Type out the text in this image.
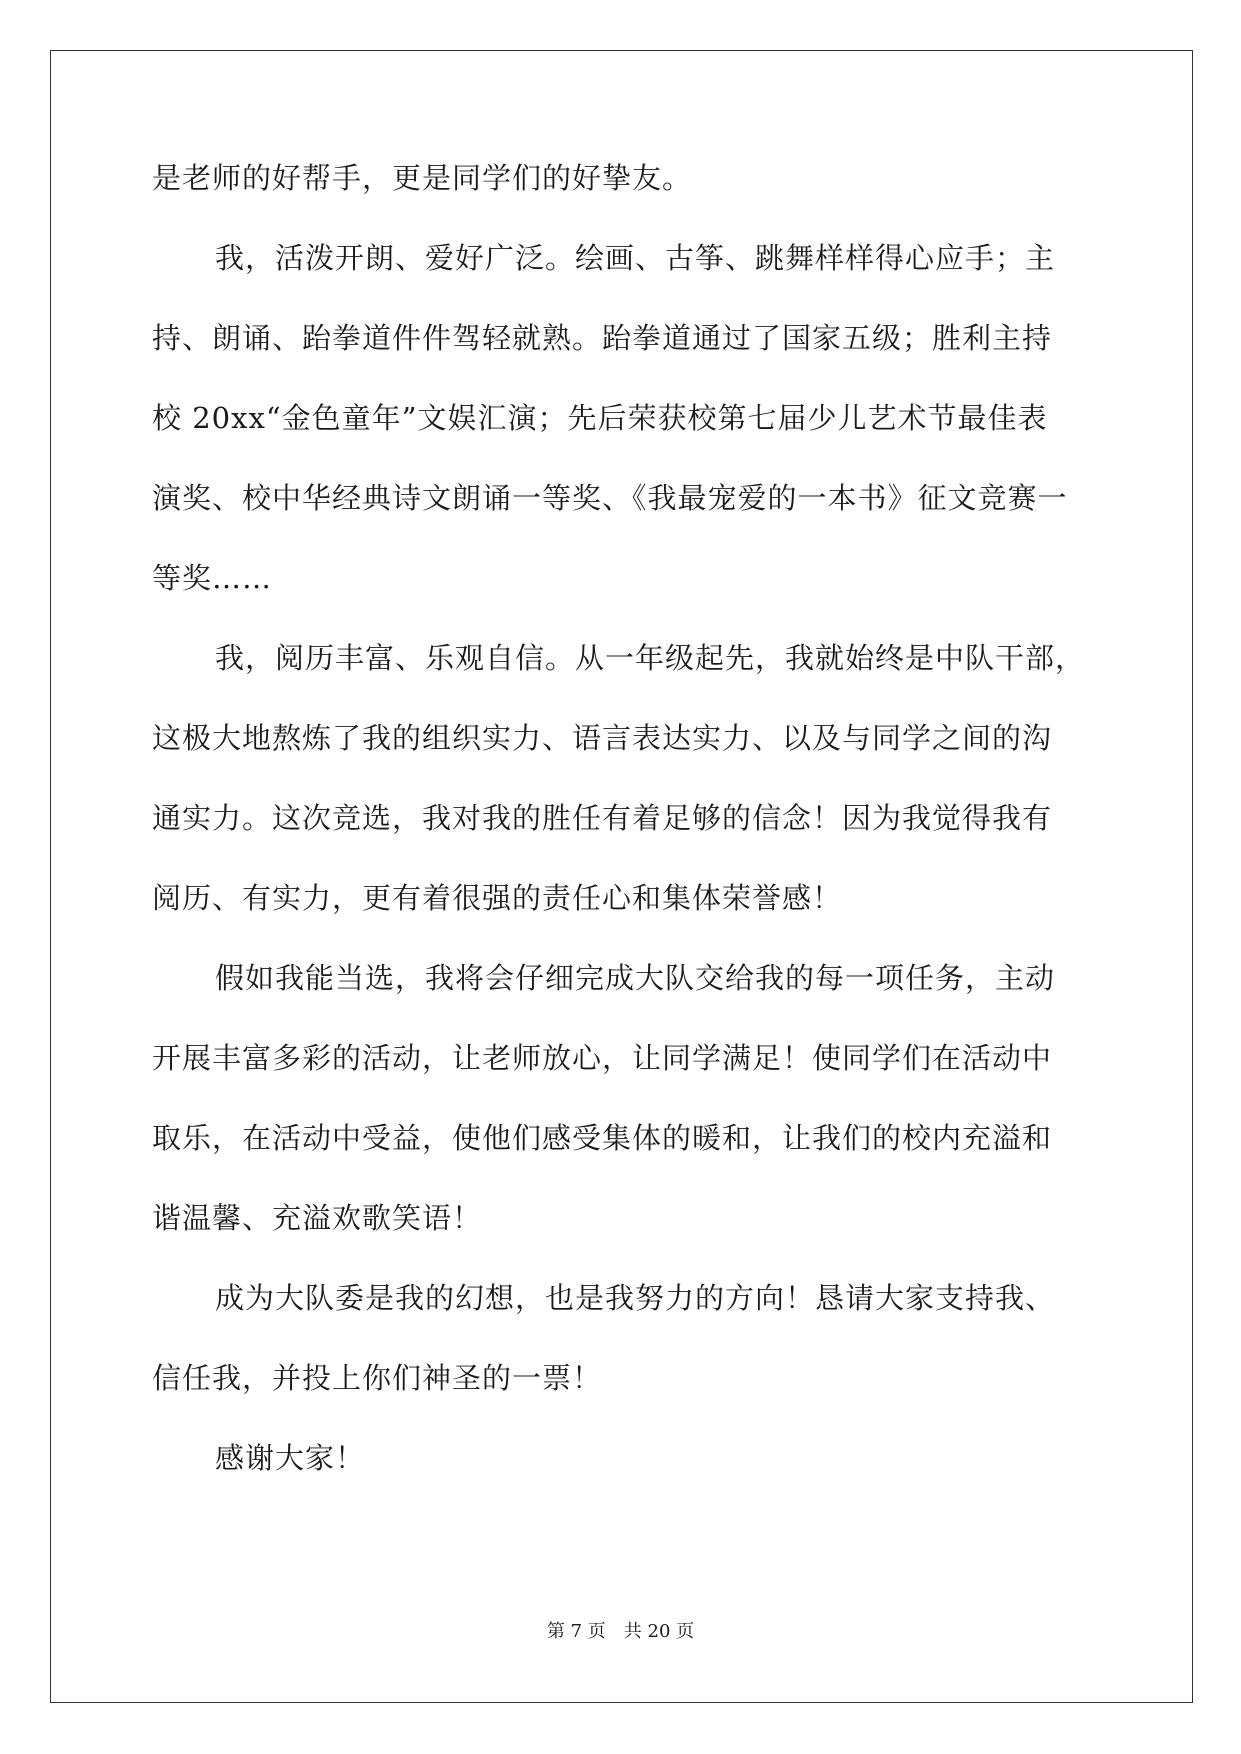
是老师的好帮手，更是同学们的好挚友。
我，活泼开朗、爱好广泛。绘画、古筝、跳舞样样得心应手；主
持、朗诵、跆拳道件件驾轻就熟。跆拳道通过了国家五级；胜利主持
校 20xx“金色童年”文娱汇演；先后荣获校第七届少儿艺术节最佳表
演奖、校中华经典诗文朗诵一等奖、《我最宠爱的一本书》征文竞赛一
等奖……
我，阅历丰富、乐观自信。从一年级起先，我就始终是中队干部，
这极大地熬炼了我的组织实力、语言表达实力、以及与同学之间的沟
通实力。这次竞选，我对我的胜任有着足够的信念！因为我觉得我有
阅历、有实力，更有着很强的责任心和集体荣誉感！
假如我能当选，我将会仔细完成大队交给我的每一项任务，主动
开展丰富多彩的活动，让老师放心，让同学满足！使同学们在活动中
取乐，在活动中受益，使他们感受集体的暖和，让我们的校内充溢和
谐温馨、充溢欢歌笑语！
成为大队委是我的幻想，也是我努力的方向！恳请大家支持我、
信任我，并投上你们神圣的一票！
感谢大家！
第 7 页 共 20 页
